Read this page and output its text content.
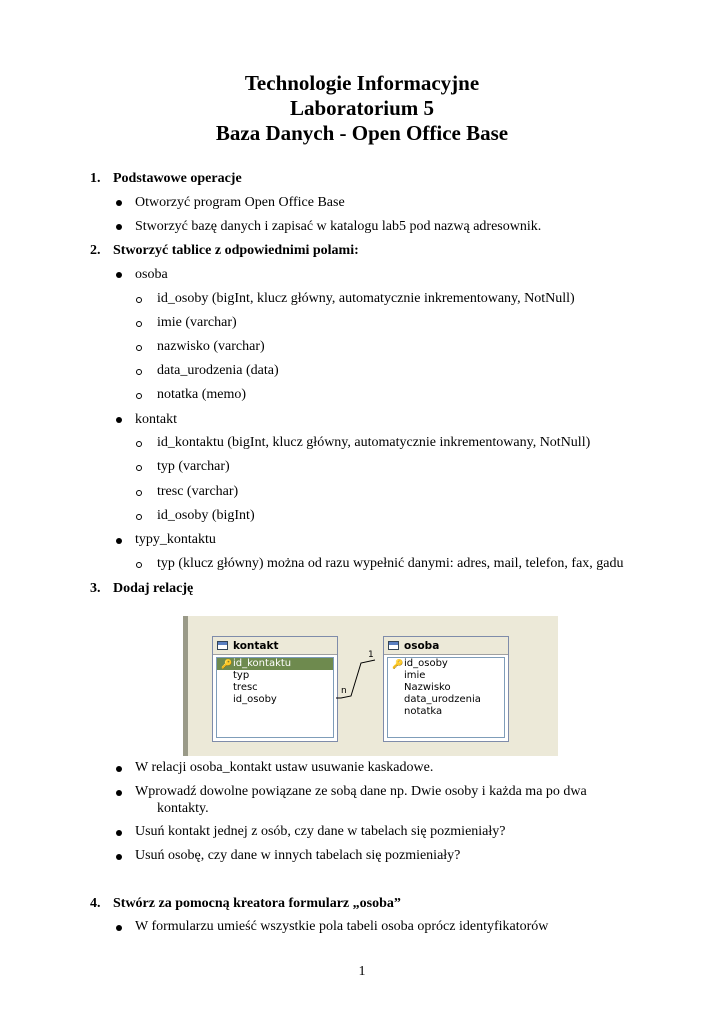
Technologie Informacyjne
Laboratorium 5
Baza Danych - Open Office Base
1. Podstawowe operacje
Otworzyć program Open Office Base
Stworzyć bazę danych i zapisać w katalogu lab5 pod nazwą adresownik.
2. Stworzyć tablice z odpowiednimi polami:
osoba
id_osoby (bigInt, klucz główny, automatycznie inkrementowany, NotNull)
imie (varchar)
nazwisko (varchar)
data_urodzenia (data)
notatka (memo)
kontakt
id_kontaktu (bigInt, klucz główny, automatycznie inkrementowany, NotNull)
typ (varchar)
tresc (varchar)
id_osoby (bigInt)
typy_kontaktu
typ (klucz główny) można od razu wypełnić danymi: adres, mail, telefon, fax, gadu
3. Dodaj relację
kontakt
🔑 id_kontaktu
typ
tresc
id_osoby
osoba
🔑 id_osoby
imie
Nazwisko
data_urodzenia
notatka
1
n
W relacji osoba_kontakt ustaw usuwanie kaskadowe.
Wprowadź dowolne powiązane ze sobą dane np. Dwie osoby i każda ma po dwa
kontakty.
Usuń kontakt jednej z osób, czy dane w tabelach się pozmieniały?
Usuń osobę, czy dane w innych tabelach się pozmieniały?
4. Stwórz za pomocną kreatora formularz „osoba”
W formularzu umieść wszystkie pola tabeli osoba oprócz identyfikatorów
1
